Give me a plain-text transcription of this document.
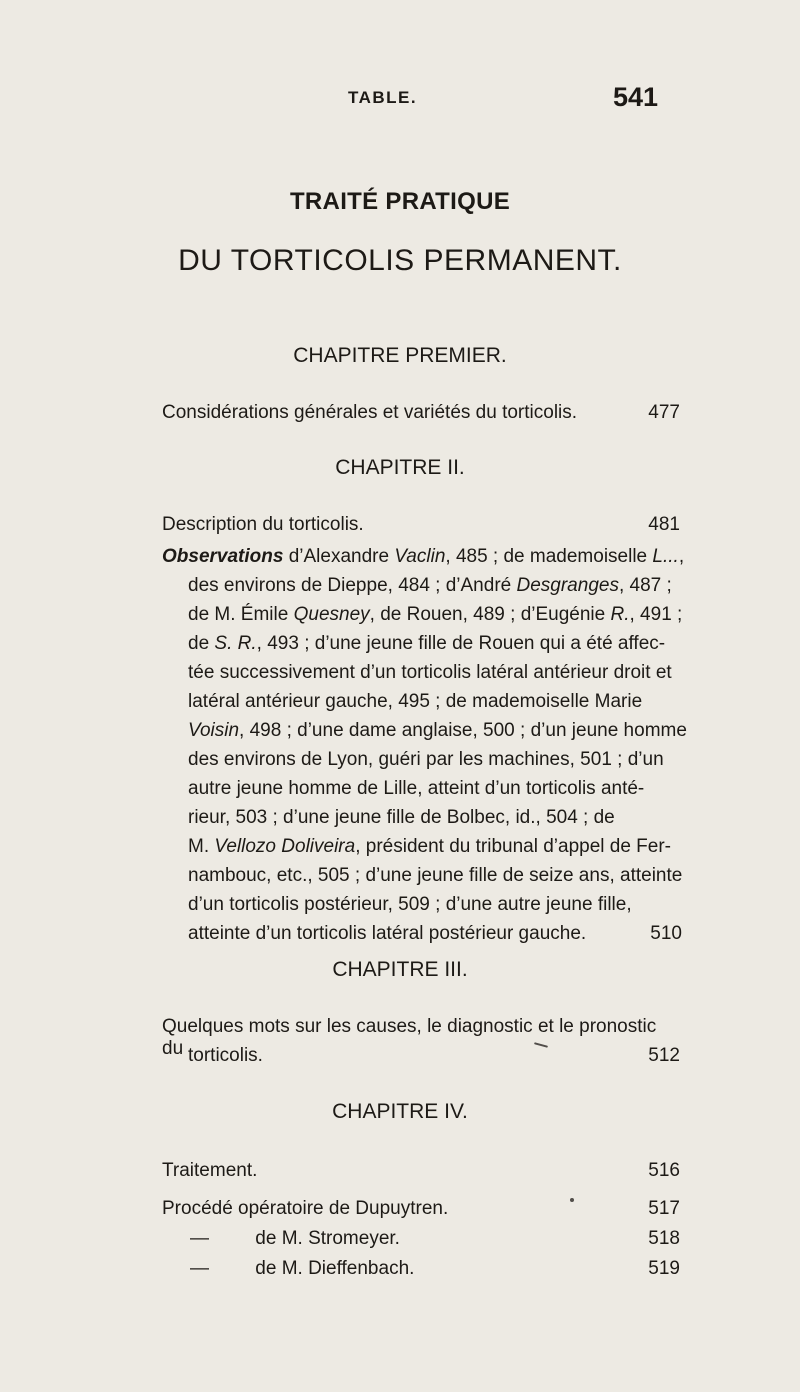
TABLE.	541
TRAITÉ PRATIQUE
DU TORTICOLIS PERMANENT.
CHAPITRE PREMIER.
Considérations générales et variétés du torticolis.	477
CHAPITRE II.
Description du torticolis.	481
Observations d’Alexandre Vaclin, 485 ; de mademoiselle L...,
des environs de Dieppe, 484 ; d’André Desgranges, 487 ;
de M. Émile Quesney, de Rouen, 489 ; d’Eugénie R., 491 ;
de S. R., 493 ; d’une jeune fille de Rouen qui a été affec-
tée successivement d’un torticolis latéral antérieur droit et
latéral antérieur gauche, 495 ; de mademoiselle Marie
Voisin, 498 ; d’une dame anglaise, 500 ; d’un jeune homme
des environs de Lyon, guéri par les machines, 501 ; d’un
autre jeune homme de Lille, atteint d’un torticolis anté-
rieur, 503 ; d’une jeune fille de Bolbec, id., 504 ; de
M. Vellozo Doliveira, président du tribunal d’appel de Fer-
nambouc, etc., 505 ; d’une jeune fille de seize ans, atteinte
d’un torticolis postérieur, 509 ; d’une autre jeune fille,
atteinte d’un torticolis latéral postérieur gauche.	510
CHAPITRE III.
Quelques mots sur les causes, le diagnostic et le pronostic du torticolis.	512
CHAPITRE IV.
Traitement.	516
Procédé opératoire de Dupuytren.	517
— de M. Stromeyer.	518
— de M. Dieffenbach.	519
